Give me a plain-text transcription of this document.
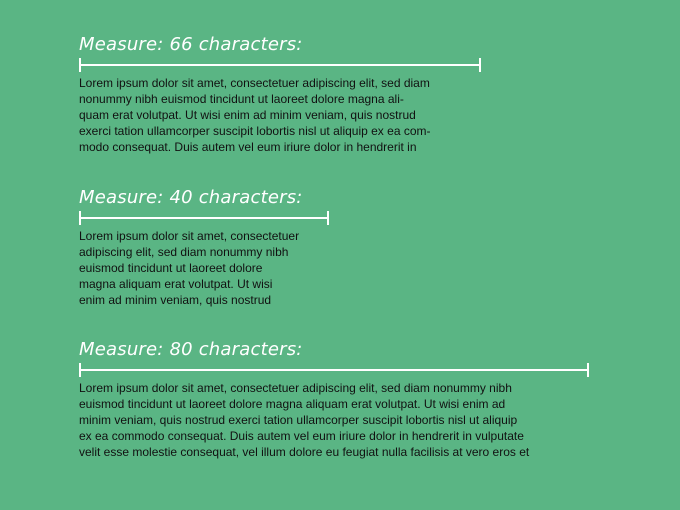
Measure: 66 characters:
Lorem ipsum dolor sit amet, consectetuer adipiscing elit, sed diam
nonummy nibh euismod tincidunt ut laoreet dolore magna ali-
quam erat volutpat. Ut wisi enim ad minim veniam, quis nostrud
exerci tation ullamcorper suscipit lobortis nisl ut aliquip ex ea com-
modo consequat. Duis autem vel eum iriure dolor in hendrerit in
Measure: 40 characters:
Lorem ipsum dolor sit amet, consectetuer
adipiscing elit, sed diam nonummy nibh
euismod tincidunt ut laoreet dolore
magna aliquam erat volutpat. Ut wisi
enim ad minim veniam, quis nostrud
Measure: 80 characters:
Lorem ipsum dolor sit amet, consectetuer adipiscing elit, sed diam nonummy nibh
euismod tincidunt ut laoreet dolore magna aliquam erat volutpat. Ut wisi enim ad
minim veniam, quis nostrud exerci tation ullamcorper suscipit lobortis nisl ut aliquip
ex ea commodo consequat. Duis autem vel eum iriure dolor in hendrerit in vulputate
velit esse molestie consequat, vel illum dolore eu feugiat nulla facilisis at vero eros et
